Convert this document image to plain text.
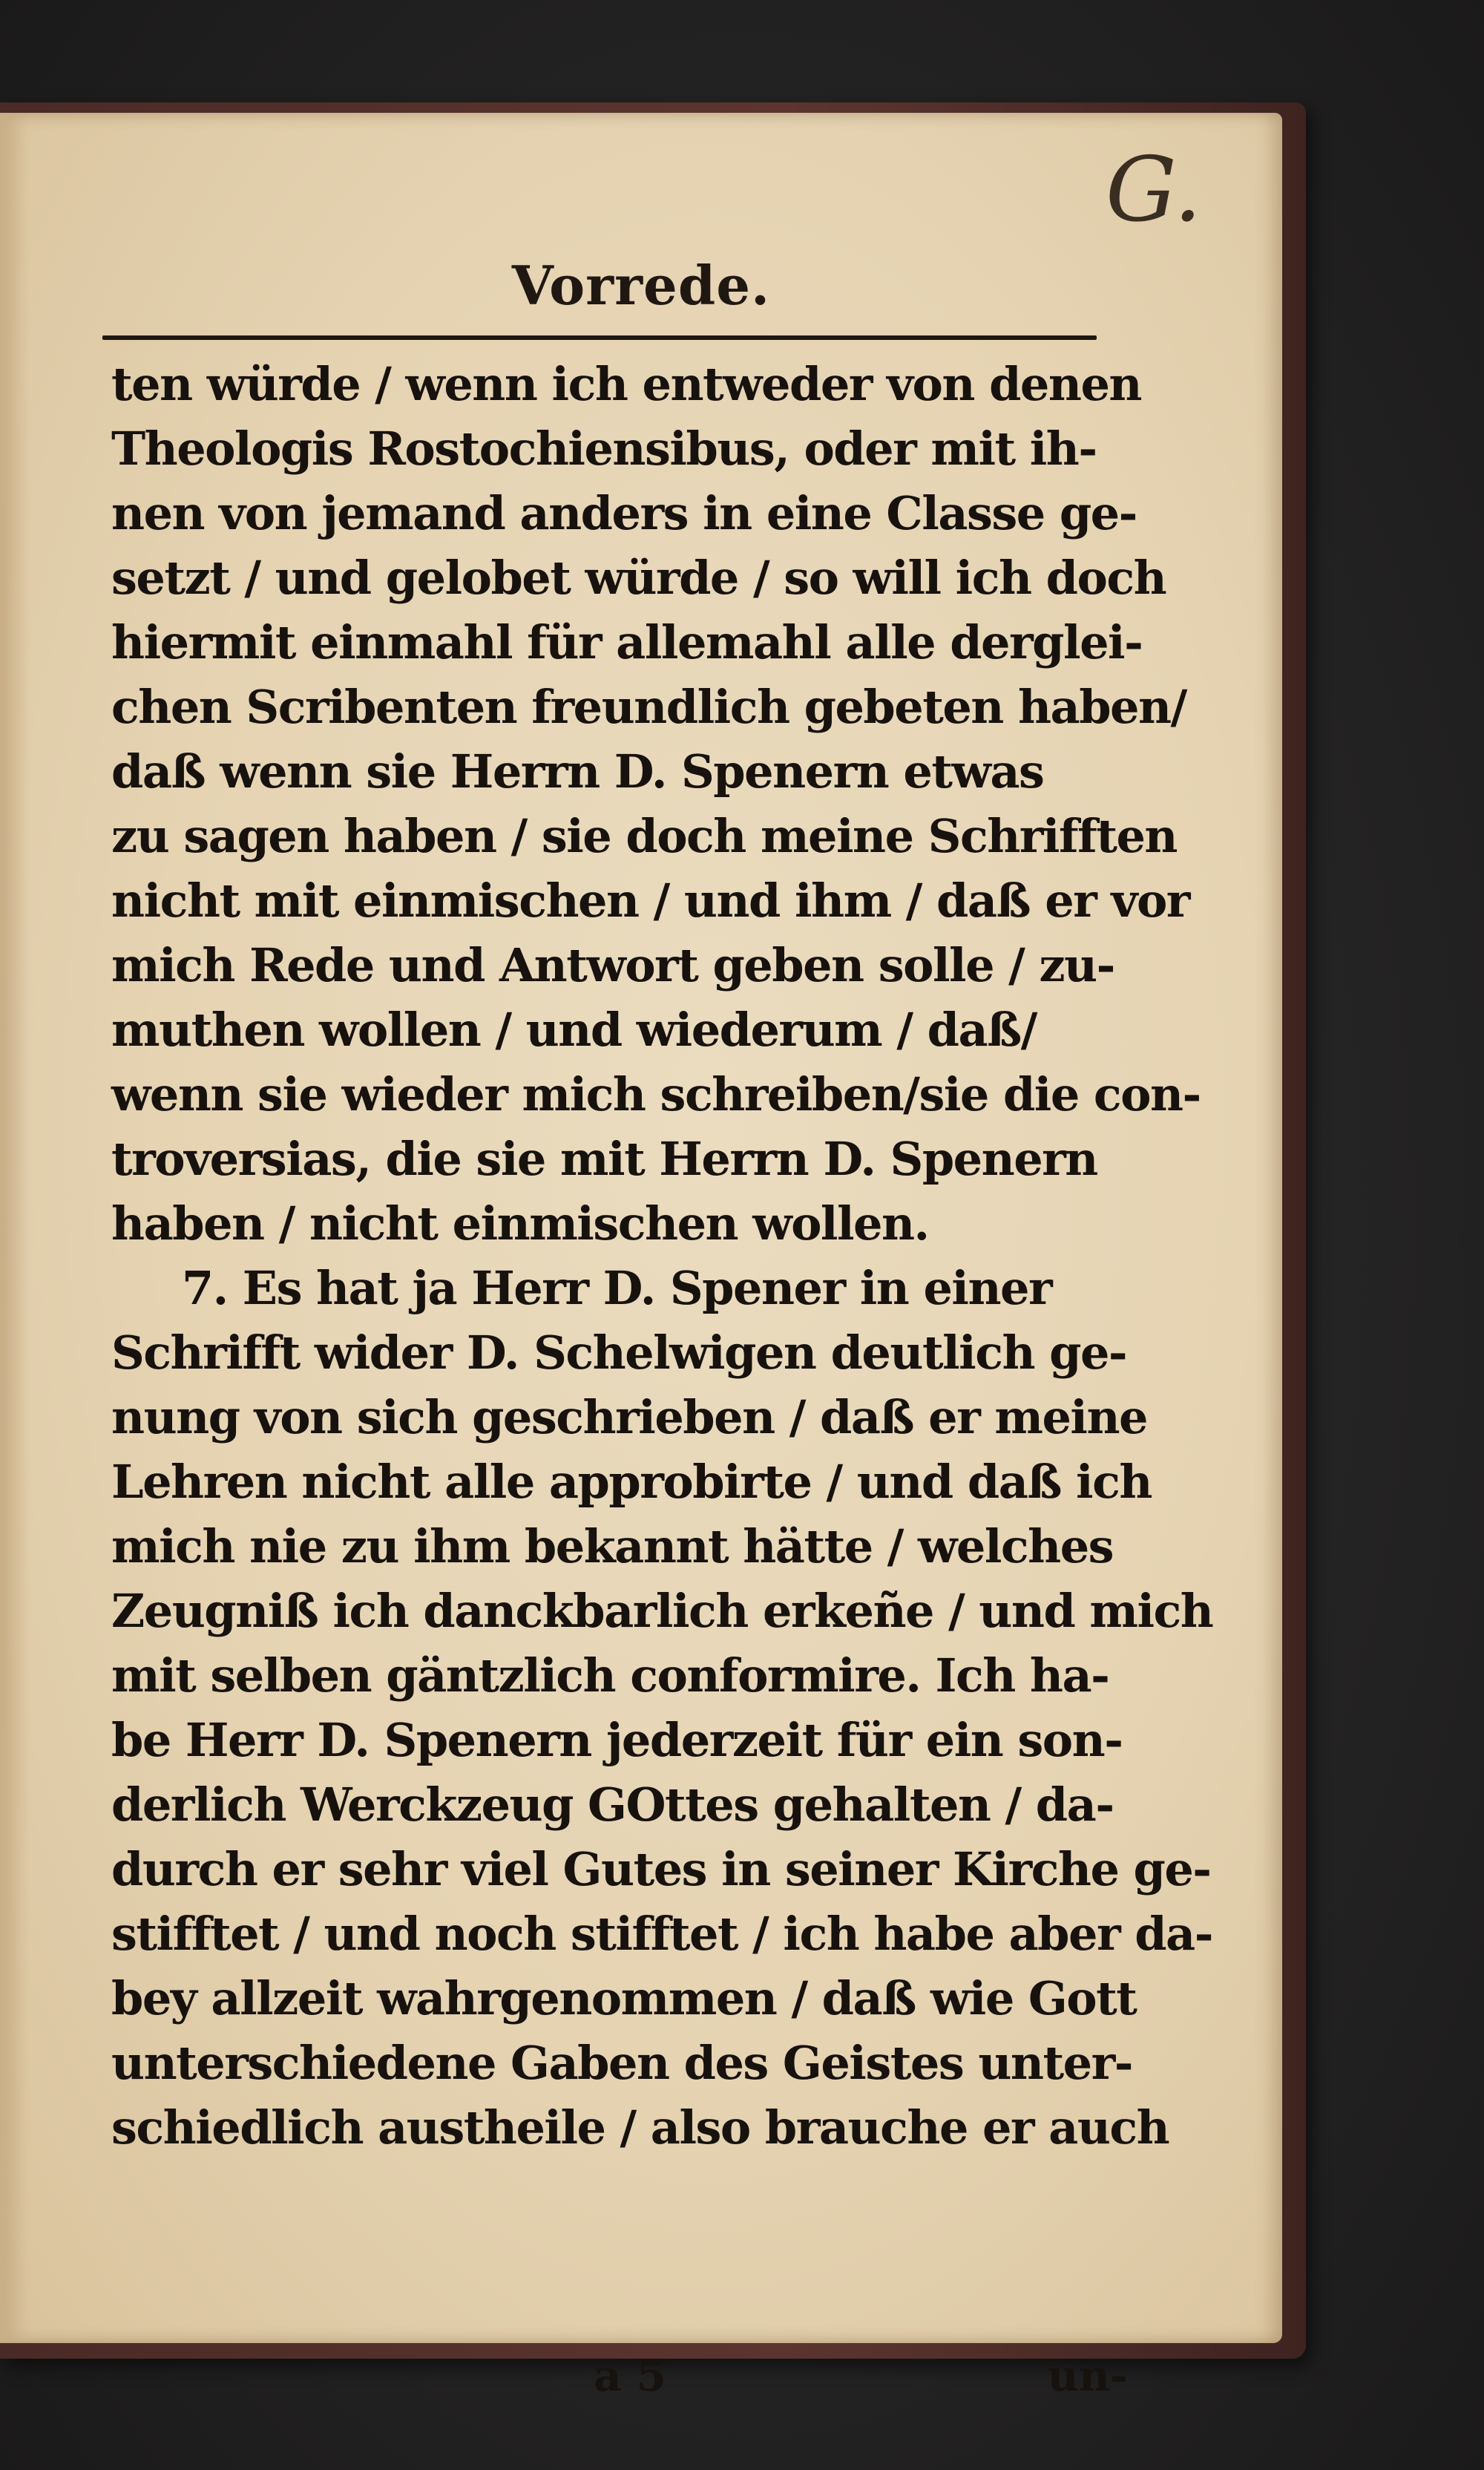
G.
Vorrede.
ten würde / wenn ich entweder von denen
Theologis Rostochiensibus, oder mit ih-
nen von jemand anders in eine Classe ge-
setzt / und gelobet würde / so will ich doch
hiermit einmahl für allemahl alle derglei-
chen Scribenten freundlich gebeten haben/
daß wenn sie Herrn D. Spenern etwas
zu sagen haben / sie doch meine Schrifften
nicht mit einmischen / und ihm / daß er vor
mich Rede und Antwort geben solle / zu-
muthen wollen / und wiederum / daß/
wenn sie wieder mich schreiben/sie die con-
troversias, die sie mit Herrn D. Spenern
haben / nicht einmischen wollen.
7. Es hat ja Herr D. Spener in einer
Schrifft wider D. Schelwigen deutlich ge-
nung von sich geschrieben / daß er meine
Lehren nicht alle approbirte / und daß ich
mich nie zu ihm bekannt hätte / welches
Zeugniß ich danckbarlich erkeñe / und mich
mit selben gäntzlich conformire. Ich ha-
be Herr D. Spenern jederzeit für ein son-
derlich Werckzeug GOttes gehalten / da-
durch er sehr viel Gutes in seiner Kirche ge-
stifftet / und noch stifftet / ich habe aber da-
bey allzeit wahrgenommen / daß wie Gott
unterschiedene Gaben des Geistes unter-
schiedlich austheile / also brauche er auch
a 5	un-
